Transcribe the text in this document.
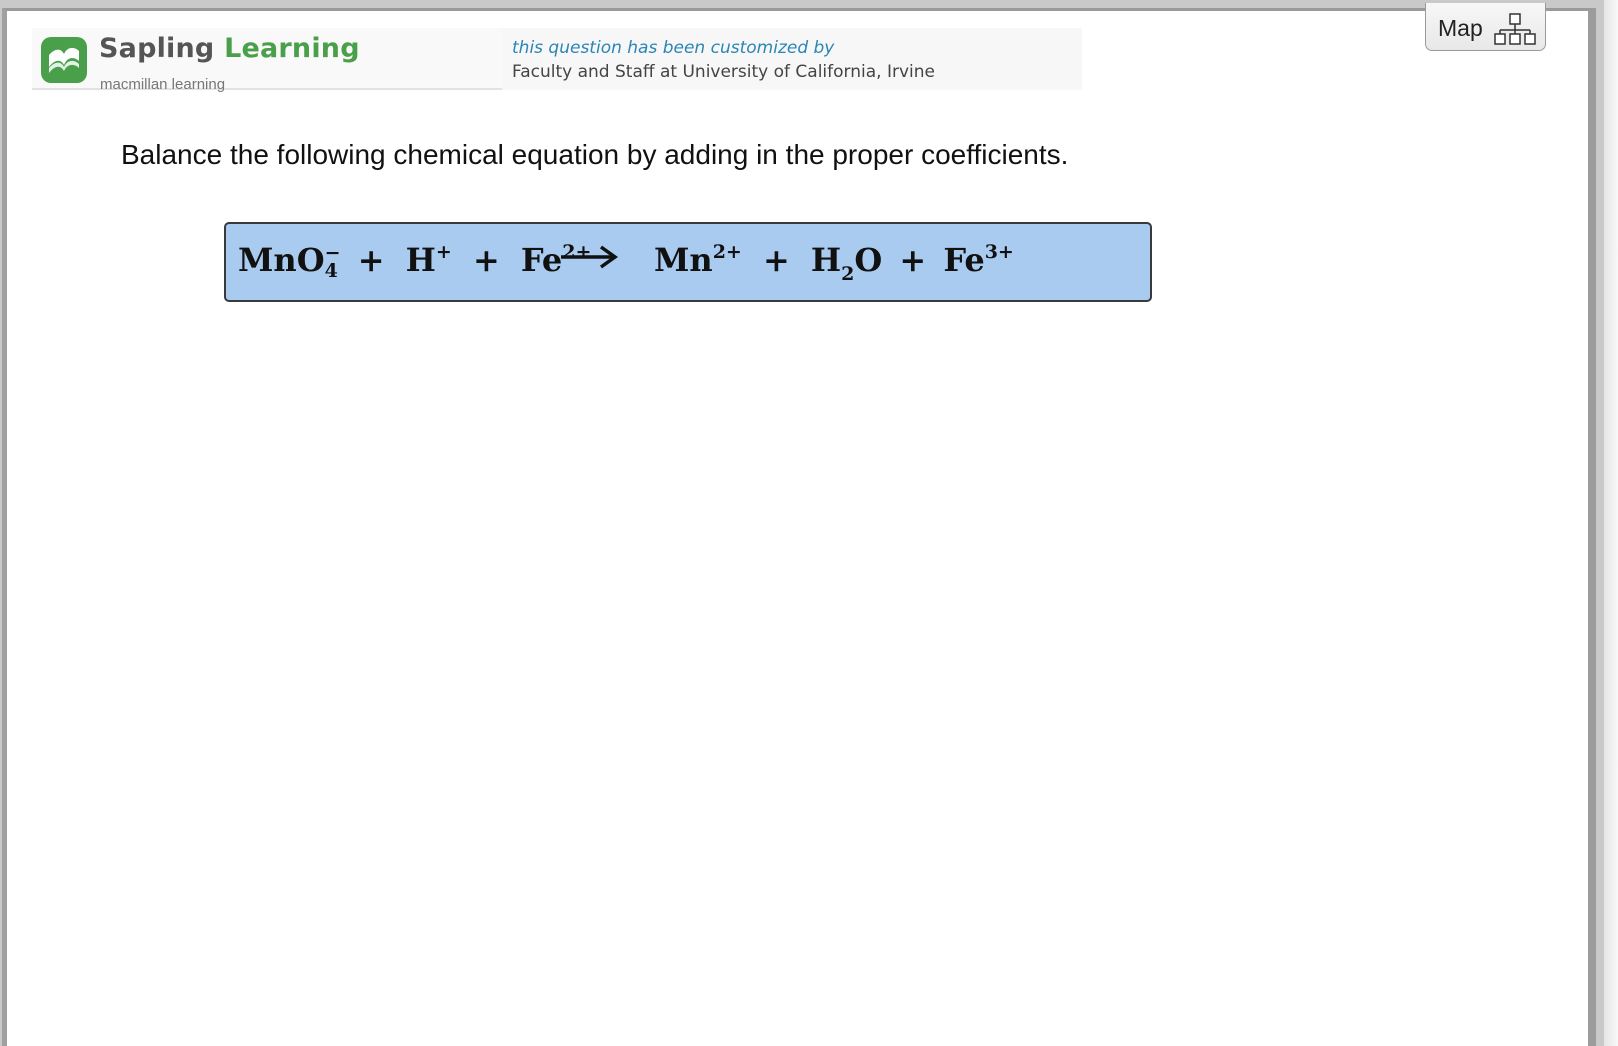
Sapling Learning
macmillan learning
this question has been customized by
Faculty and Staff at University of California, Irvine
Balance the following chemical equation by adding in the proper coefficients.
MnO −
$4 + H^+ + Fe^{2+}$ $Mn^{2+} + H_2O + Fe^{3+}$
Map
